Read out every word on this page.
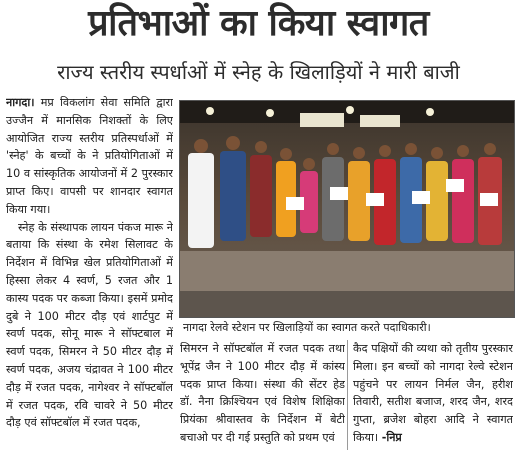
प्रतिभाओं का किया स्वागत
राज्य स्तरीय स्पर्धाओं में स्नेह के खिलाड़ियों ने मारी बाजी

नागदा। मप्र विकलांग सेवा समिति द्वारा उज्जैन में मानसिक निशक्तों के लिए आयोजित राज्य स्तरीय प्रतिस्पर्धाओं में 'स्नेह' के बच्चों के ने प्रतियोगिताओं में 10 व सांस्कृतिक आयोजनों में 2 पुरस्कार प्राप्त किए। वापसी पर शानदार स्वागत किया गया।

स्नेह के संस्थापक लायन पंकज मारू ने बताया कि संस्था के रमेश सिलावट के निर्देशन में विभिन्न खेल प्रतियोगिताओं में हिस्सा लेकर 4 स्वर्ण, 5 रजत और 1 कास्य पदक पर कब्जा किया। इसमें प्रमोद दुबे ने 100 मीटर दौड़ एवं शार्टपुट में स्वर्ण पदक, सोनू मारू ने सॉफ्टबाल में स्वर्ण पदक, सिमरन ने 50 मीटर दौड़ में स्वर्ण पदक, अजय चंद्रावत ने 100 मीटर दौड़ में रजत पदक, नागेश्वर ने सॉफ्टबॉल में रजत पदक, रवि चावरे ने 50 मीटर दौड़ एवं सॉफ्टबॉल में रजत पदक,

नागदा रेलवे स्टेशन पर खिलाड़ियों का स्वागत करते पदाधिकारी।

सिमरन ने सॉफ्टबॉल में रजत पदक तथा भूपेंद्र जैन ने 100 मीटर दौड़ में कांस्य पदक प्राप्त किया। संस्था की सेंटर हेड डॉ. नैना क्रिश्चियन एवं विशेष शिक्षिका प्रियंका श्रीवास्तव के निर्देशन में बेटी बचाओ पर दी गई प्रस्तुति को प्रथम एवं

कैद पक्षियों की व्यथा को तृतीय पुरस्कार मिला। इन बच्चों को नागदा रेल्वे स्टेशन पहुंचने पर लायन निर्मल जैन, हरीश तिवारी, सतीश बजाज, शरद जैन, शरद गुप्ता, ब्रजेश बोहरा आदि ने स्वागत किया। -निप्र
